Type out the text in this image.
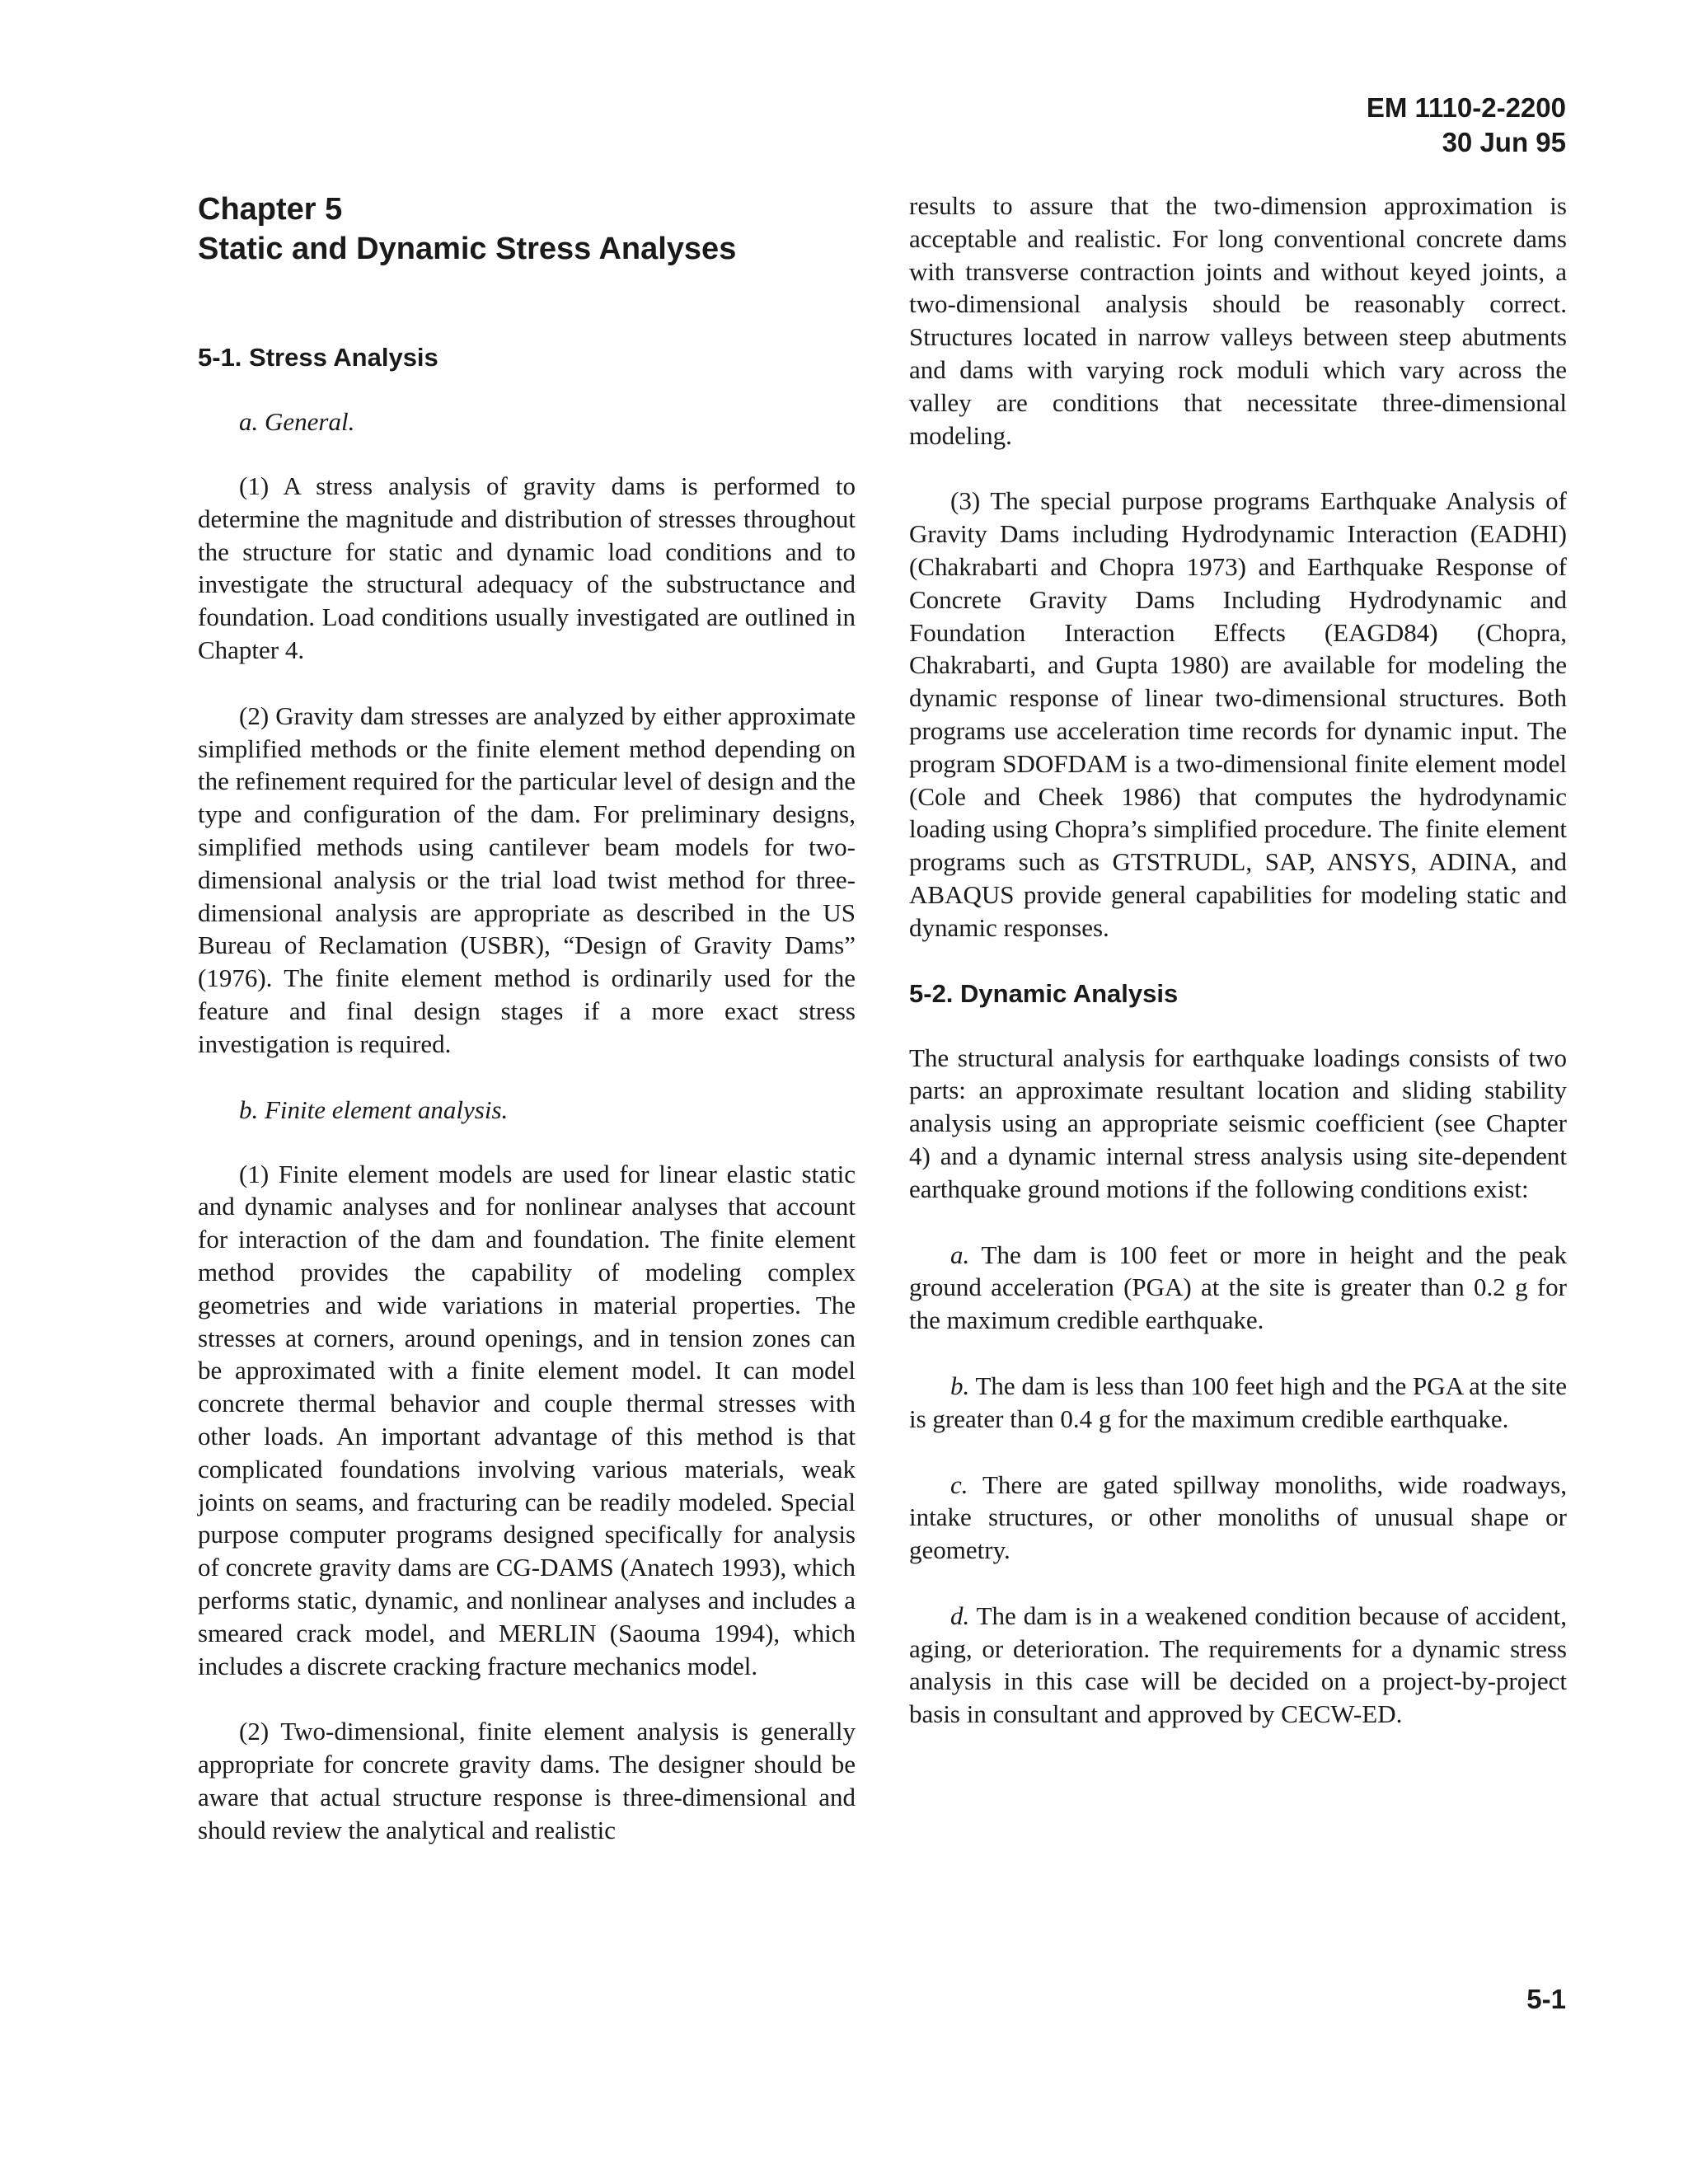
EM 1110-2-2200
30 Jun 95
Chapter 5
Static and Dynamic Stress Analyses
5-1. Stress Analysis
a. General.

(1) A stress analysis of gravity dams is performed to determine the magnitude and distribution of stresses throughout the structure for static and dynamic load conditions and to investigate the structural adequacy of the substructance and foundation. Load conditions usually investigated are outlined in Chapter 4.

(2) Gravity dam stresses are analyzed by either approximate simplified methods or the finite element method depending on the refinement required for the particular level of design and the type and configuration of the dam. For preliminary designs, simplified methods using cantilever beam models for two-dimensional analysis or the trial load twist method for three-dimensional analysis are appropriate as described in the US Bureau of Reclamation (USBR), “Design of Gravity Dams” (1976). The finite element method is ordinarily used for the feature and final design stages if a more exact stress investigation is required.

b. Finite element analysis.

(1) Finite element models are used for linear elastic static and dynamic analyses and for nonlinear analyses that account for interaction of the dam and foundation. The finite element method provides the capability of modeling complex geometries and wide variations in material properties. The stresses at corners, around openings, and in tension zones can be approximated with a finite element model. It can model concrete thermal behavior and couple thermal stresses with other loads. An important advantage of this method is that complicated foundations involving various materials, weak joints on seams, and fracturing can be readily modeled. Special purpose computer programs designed specifically for analysis of concrete gravity dams are CG-DAMS (Anatech 1993), which performs static, dynamic, and nonlinear analyses and includes a smeared crack model, and MERLIN (Saouma 1994), which includes a discrete cracking fracture mechanics model.

(2) Two-dimensional, finite element analysis is generally appropriate for concrete gravity dams. The designer should be aware that actual structure response is three-dimensional and should review the analytical and realistic

results to assure that the two-dimension approximation is acceptable and realistic. For long conventional concrete dams with transverse contraction joints and without keyed joints, a two-dimensional analysis should be reasonably correct. Structures located in narrow valleys between steep abutments and dams with varying rock moduli which vary across the valley are conditions that necessitate three-dimensional modeling.

(3) The special purpose programs Earthquake Analysis of Gravity Dams including Hydrodynamic Interaction (EADHI) (Chakrabarti and Chopra 1973) and Earthquake Response of Concrete Gravity Dams Including Hydrodynamic and Foundation Interaction Effects (EAGD84) (Chopra, Chakrabarti, and Gupta 1980) are available for modeling the dynamic response of linear two-dimensional structures. Both programs use acceleration time records for dynamic input. The program SDOFDAM is a two-dimensional finite element model (Cole and Cheek 1986) that computes the hydrodynamic loading using Chopra’s simplified procedure. The finite element programs such as GTSTRUDL, SAP, ANSYS, ADINA, and ABAQUS provide general capabilities for modeling static and dynamic responses.

5-2. Dynamic Analysis

The structural analysis for earthquake loadings consists of two parts: an approximate resultant location and sliding stability analysis using an appropriate seismic coefficient (see Chapter 4) and a dynamic internal stress analysis using site-dependent earthquake ground motions if the following conditions exist:

a. The dam is 100 feet or more in height and the peak ground acceleration (PGA) at the site is greater than 0.2 g for the maximum credible earthquake.

b. The dam is less than 100 feet high and the PGA at the site is greater than 0.4 g for the maximum credible earthquake.

c. There are gated spillway monoliths, wide roadways, intake structures, or other monoliths of unusual shape or geometry.

d. The dam is in a weakened condition because of accident, aging, or deterioration. The requirements for a dynamic stress analysis in this case will be decided on a project-by-project basis in consultant and approved by CECW-ED.

5-1
